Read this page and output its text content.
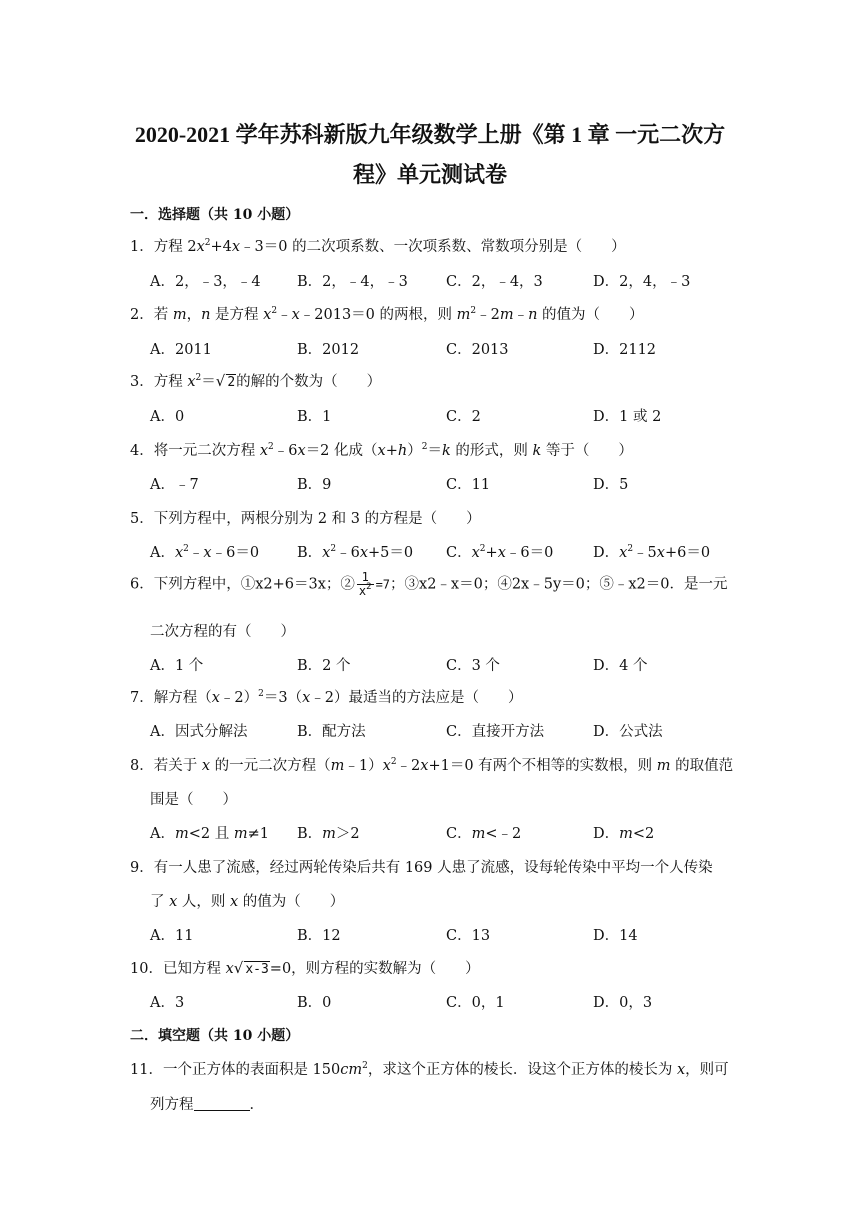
2020-2021 学年苏科新版九年级数学上册《第 1 章 一元二次方
程》单元测试卷
一．选择题（共 10 小题）
1．方程 $2x^2+4x﹣3=0$ 的二次项系数、一次项系数、常数项分别是（　　）
A．2，﹣3，﹣4	B．2，﹣4，﹣3	C．2，﹣4，3	D．2，4，﹣3
2．若 m，n 是方程 $x^2﹣x﹣2013=0$ 的两根，则 $m^2﹣2m﹣n$ 的值为（　　）
A．2011	B．2012	C．2013	D．2112
3．方程 $x^2=√$ 2的解的个数为（　　）
A．0	B．1	C．2	D．1 或 2
4．将一元二次方程 $x^2﹣6x=2$ 化成$(x+h)^2=k$ 的形式，则 k 等于（　　）
A．﹣7	B．9	C．11	D．5
5．下列方程中，两根分别为 2 和 3 的方程是（　　）
A．$x^2﹣x﹣6=0$	B．$x^2﹣6x+5=0$ C．$x^2+x﹣6=0$	D．$x^2﹣5x+6=0$
6．下列方程中，①x2+6＝3x；② $\frac{1}{x^2} =7$；③x2﹣x＝0；④2x﹣5y＝0；⑤﹣x2＝0．是一元
二次方程的有（　　）
A．1 个	B．2 个	C．3 个	D．4 个
7．解方程（x﹣2）$^2$＝3（x﹣2）最适当的方法应是（　　）
A．因式分解法	B．配方法	C．直接开方法	D．公式法
8．若关于 x 的一元二次方程$(m﹣1)x^2﹣2x+1=0$ 有两个不相等的实数根，则 m 的取值范
围是（　　）
A．m<2 且 m≠1 B．m＞2	C．m<﹣2	D．m<2
9．有一人患了流感，经过两轮传染后共有 169 人患了流感，设每轮传染中平均一个人传染
了 x 人，则 x 的值为（　　）
A．11	B．12	C．13	D．14
10．已知方程 x√ x-3=0，则方程的实数解为（　　）
A．3	B．0	C．0，1	D．0，3
二．填空题（共 10 小题）
11．一个正方体的表面积是 $150cm^2$，求这个正方体的棱长．设这个正方体的棱长为 x，则可
列方程	．
